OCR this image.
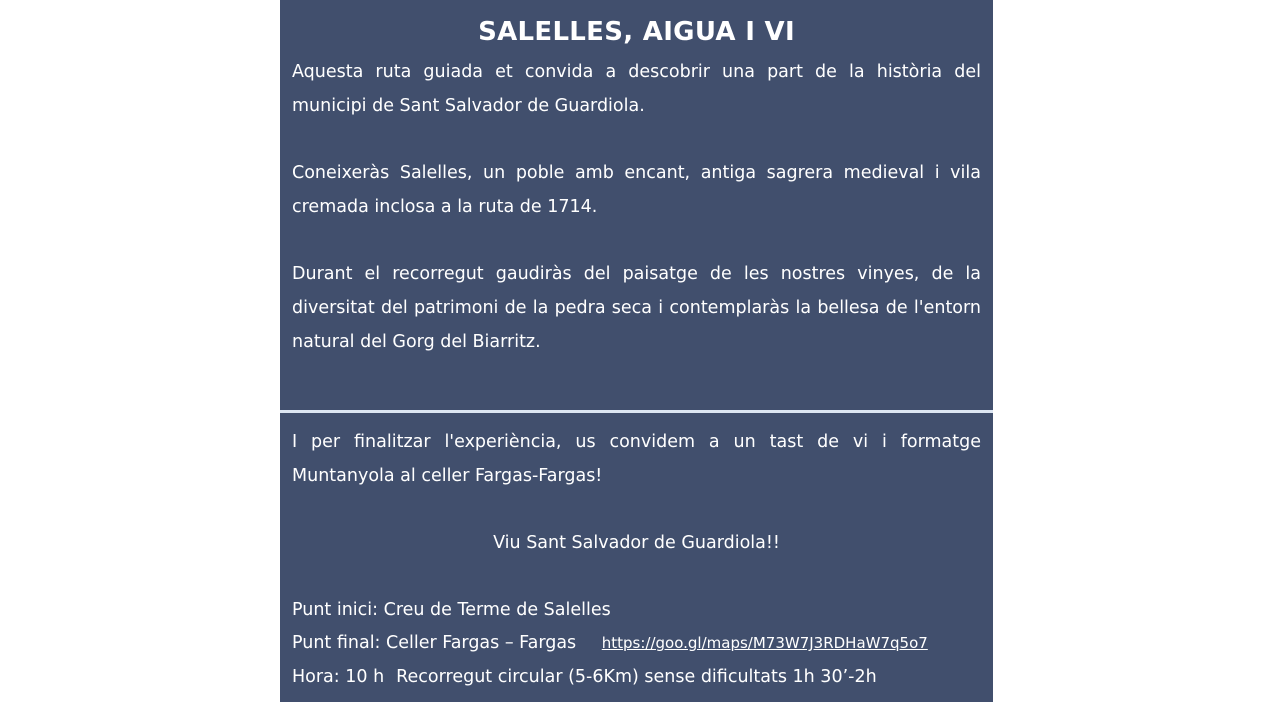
SALELLES, AIGUA I VI

Aquesta ruta guiada et convida a descobrir una part de la història del municipi de Sant Salvador de Guardiola.

Coneixeràs Salelles, un poble amb encant, antiga sagrera medieval i vila cremada inclosa a la ruta de 1714.

Durant el recorregut gaudiràs del paisatge de les nostres vinyes, de la diversitat del patrimoni de la pedra seca i contemplaràs la bellesa de l'entorn natural del Gorg del Biarritz.

I per finalitzar l'experiència, us convidem a un tast de vi i formatge Muntanyola al celler Fargas-Fargas!

Viu Sant Salvador de Guardiola!!
Punt inici: Creu de Terme de Salelles
Punt final: Celler Fargas – Fargas https://goo.gl/maps/M73W7J3RDHaW7q5o7
Hora: 10 h Recorregut circular (5-6Km) sense dificultats 1h 30’-2h
